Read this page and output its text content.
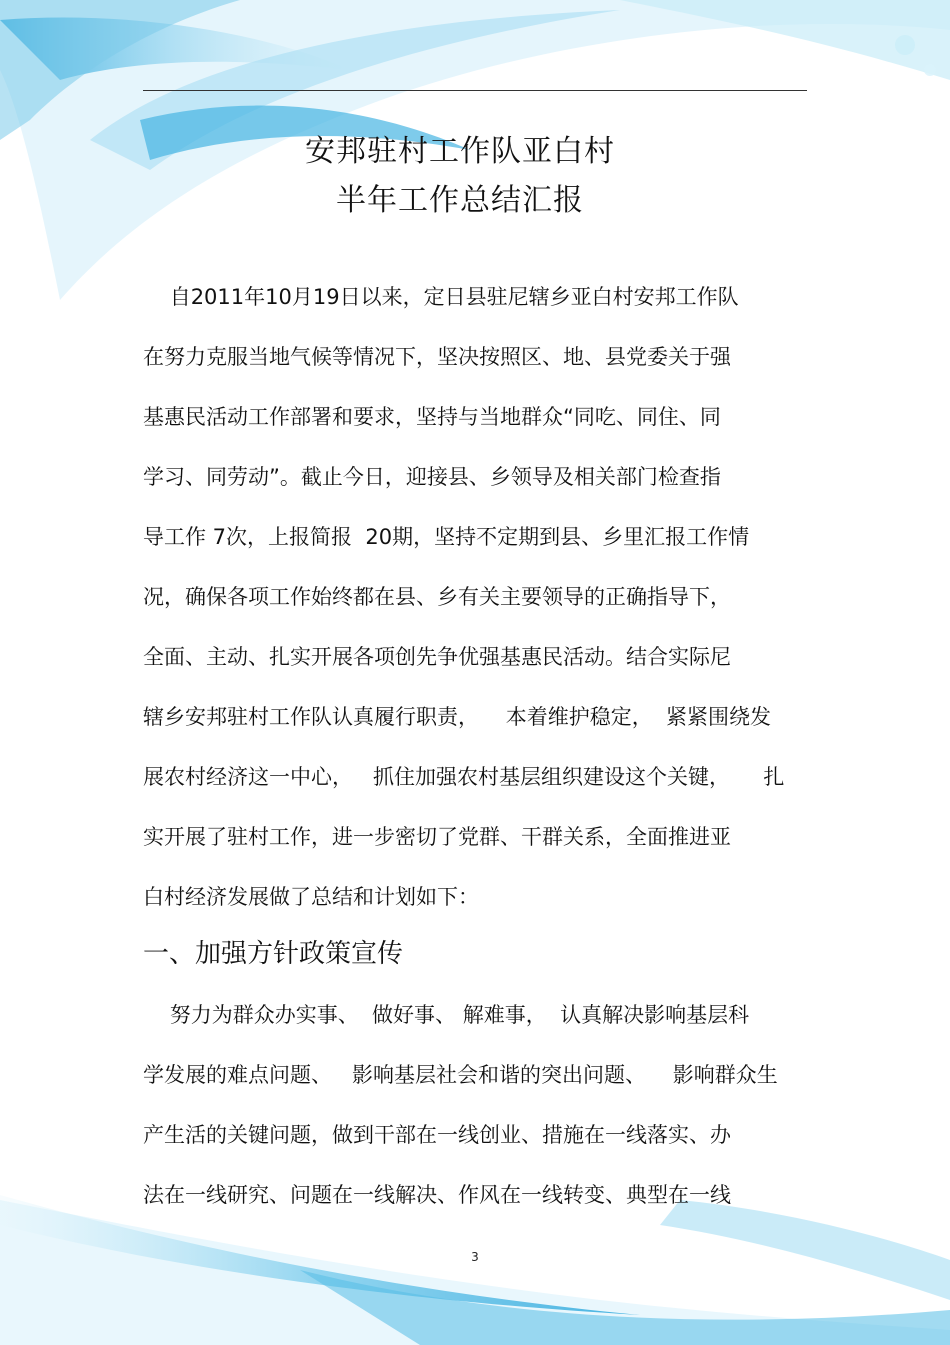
安邦驻村工作队亚白村
半年工作总结汇报
自2011年10月19日以来，定日县驻尼辖乡亚白村安邦工作队
在努力克服当地气候等情况下，坚决按照区、地、县党委关于强
基惠民活动工作部署和要求，坚持与当地群众“同吃、同住、同
学习、同劳动”。截止今日，迎接县、乡领导及相关部门检查指
导工作 7次，上报简报  20期，坚持不定期到县、乡里汇报工作情
况，确保各项工作始终都在县、乡有关主要领导的正确指导下，
全面、主动、扎实开展各项创先争优强基惠民活动。结合实际尼
辖乡安邦驻村工作队认真履行职责，    本着维护稳定，  紧紧围绕发
展农村经济这一中心，   抓住加强农村基层组织建设这个关键，     扎
实开展了驻村工作，进一步密切了党群、干群关系，全面推进亚
白村经济发展做了总结和计划如下：
一、加强方针政策宣传
努力为群众办实事、  做好事、 解难事，  认真解决影响基层科
学发展的难点问题、   影响基层社会和谐的突出问题、    影响群众生
产生活的关键问题，做到干部在一线创业、措施在一线落实、办
法在一线研究、问题在一线解决、作风在一线转变、典型在一线
3
